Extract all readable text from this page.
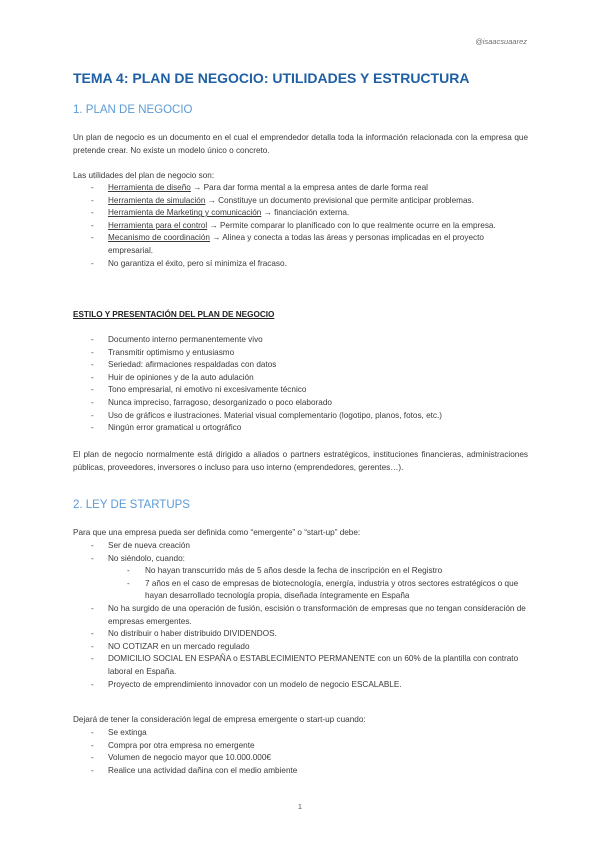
@isaacsuaarez
TEMA 4: PLAN DE NEGOCIO: UTILIDADES Y ESTRUCTURA
1. PLAN DE NEGOCIO
Un plan de negocio es un documento en el cual el emprendedor detalla toda la información relacionada con la empresa que pretende crear. No existe un modelo único o concreto.
Las utilidades del plan de negocio son:
- Herramienta de diseño → Para dar forma mental a la empresa antes de darle forma real
- Herramienta de simulación → Constituye un documento previsional que permite anticipar problemas.
- Herramienta de Marketing y comunicación → financiación externa.
- Herramienta para el control → Permite comparar lo planificado con lo que realmente ocurre en la empresa.
- Mecanismo de coordinación → Alinea y conecta a todas las áreas y personas implicadas en el proyecto empresarial.
- No garantiza el éxito, pero sí minimiza el fracaso.
ESTILO Y PRESENTACIÓN DEL PLAN DE NEGOCIO
- Documento interno permanentemente vivo
- Transmitir optimismo y entusiasmo
- Seriedad: afirmaciones respaldadas con datos
- Huir de opiniones y de la auto adulación
- Tono empresarial, ni emotivo ni excesivamente técnico
- Nunca impreciso, farragoso, desorganizado o poco elaborado
- Uso de gráficos e ilustraciones. Material visual complementario (logotipo, planos, fotos, etc.)
- Ningún error gramatical u ortográfico
El plan de negocio normalmente está dirigido a aliados o partners estratégicos, instituciones financieras, administraciones públicas, proveedores, inversores o incluso para uso interno (emprendedores, gerentes…).
2. LEY DE STARTUPS
Para que una empresa pueda ser definida como “emergente” o “start-up” debe:
- Ser de nueva creación
- No siéndolo, cuando:
- No hayan transcurrido más de 5 años desde la fecha de inscripción en el Registro
- 7 años en el caso de empresas de biotecnología, energía, industria y otros sectores estratégicos o que hayan desarrollado tecnología propia, diseñada íntegramente en España
- No ha surgido de una operación de fusión, escisión o transformación de empresas que no tengan consideración de empresas emergentes.
- No distribuir o haber distribuido DIVIDENDOS.
- NO COTIZAR en un mercado regulado
- DOMICILIO SOCIAL EN ESPAÑA o ESTABLECIMIENTO PERMANENTE con un 60% de la plantilla con contrato laboral en España.
- Proyecto de emprendimiento innovador con un modelo de negocio ESCALABLE.
Dejará de tener la consideración legal de empresa emergente o start-up cuando:
- Se extinga
- Compra por otra empresa no emergente
- Volumen de negocio mayor que 10.000.000€
- Realice una actividad dañina con el medio ambiente
1
